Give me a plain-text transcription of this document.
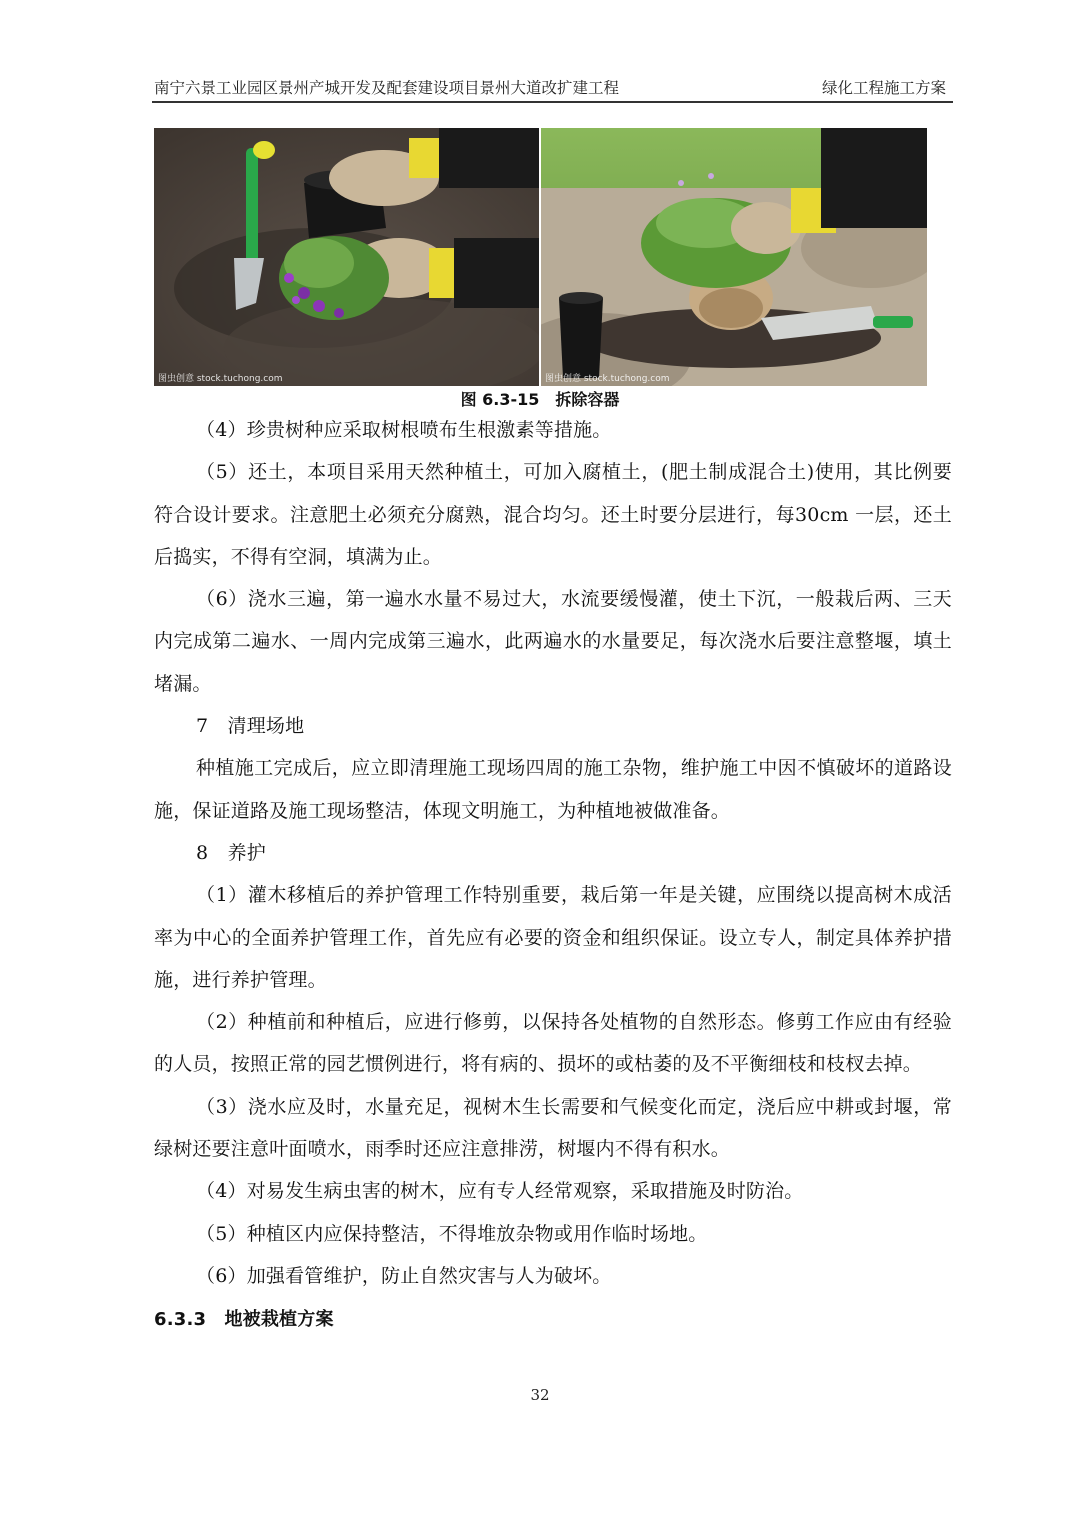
南宁六景工业园区景州产城开发及配套建设项目景州大道改扩建工程	绿化工程施工方案
图虫创意 stock.tuchong.com	图虫创意 stock.tuchong.com
图 6.3-15　拆除容器

（4）珍贵树种应采取树根喷布生根激素等措施。

（5）还土，本项目采用天然种植土，可加入腐植土，(肥土制成混合土)使用，其比例要符合设计要求。注意肥土必须充分腐熟，混合均匀。还土时要分层进行，每30cm 一层，还土后捣实，不得有空洞，填满为止。

（6）浇水三遍，第一遍水水量不易过大，水流要缓慢灌，使土下沉，一般栽后两、三天内完成第二遍水、一周内完成第三遍水，此两遍水的水量要足，每次浇水后要注意整堰，填土堵漏。

7　清理场地

种植施工完成后，应立即清理施工现场四周的施工杂物，维护施工中因不慎破坏的道路设施，保证道路及施工现场整洁，体现文明施工，为种植地被做准备。

8　养护

（1）灌木移植后的养护管理工作特别重要，栽后第一年是关键，应围绕以提高树木成活率为中心的全面养护管理工作，首先应有必要的资金和组织保证。设立专人，制定具体养护措施，进行养护管理。

（2）种植前和种植后，应进行修剪，以保持各处植物的自然形态。修剪工作应由有经验的人员，按照正常的园艺惯例进行，将有病的、损坏的或枯萎的及不平衡细枝和枝杈去掉。

（3）浇水应及时，水量充足，视树木生长需要和气候变化而定，浇后应中耕或封堰，常绿树还要注意叶面喷水，雨季时还应注意排涝，树堰内不得有积水。

（4）对易发生病虫害的树木，应有专人经常观察，采取措施及时防治。

（5）种植区内应保持整洁，不得堆放杂物或用作临时场地。

（6）加强看管维护，防止自然灾害与人为破坏。

6.3.3　地被栽植方案

32
